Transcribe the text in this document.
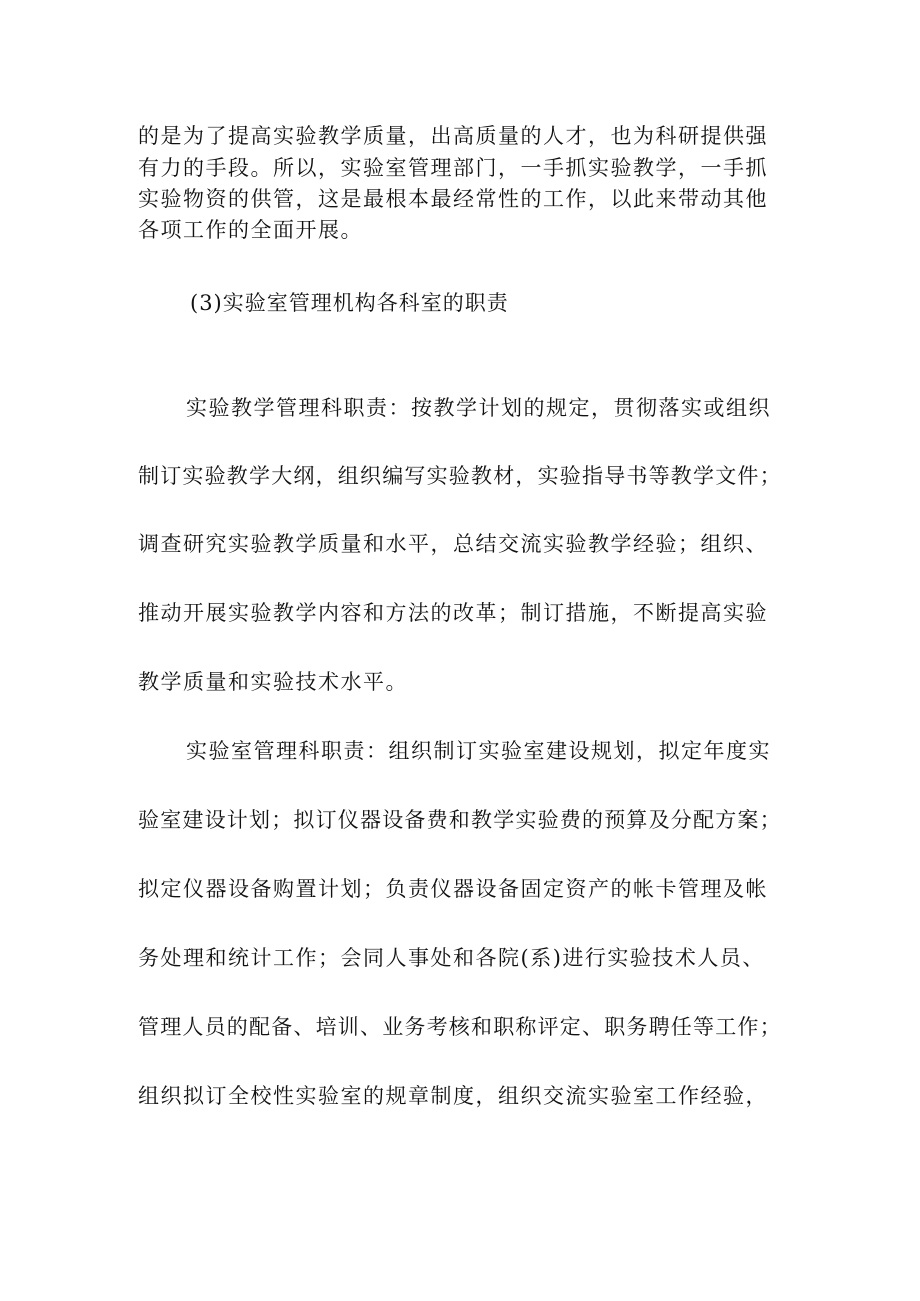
的是为了提高实验教学质量，出高质量的人才，也为科研提供强
有力的手段。所以，实验室管理部门，一手抓实验教学，一手抓
实验物资的供管，这是最根本最经常性的工作，以此来带动其他
各项工作的全面开展。
(3)实验室管理机构各科室的职责
实验教学管理科职责：按教学计划的规定，贯彻落实或组织
制订实验教学大纲，组织编写实验教材，实验指导书等教学文件；
调查研究实验教学质量和水平，总结交流实验教学经验；组织、
推动开展实验教学内容和方法的改革；制订措施，不断提高实验
教学质量和实验技术水平。
实验室管理科职责：组织制订实验室建设规划，拟定年度实
验室建设计划；拟订仪器设备费和教学实验费的预算及分配方案；
拟定仪器设备购置计划；负责仪器设备固定资产的帐卡管理及帐
务处理和统计工作；会同人事处和各院(系)进行实验技术人员、
管理人员的配备、培训、业务考核和职称评定、职务聘任等工作；
组织拟订全校性实验室的规章制度，组织交流实验室工作经验，
